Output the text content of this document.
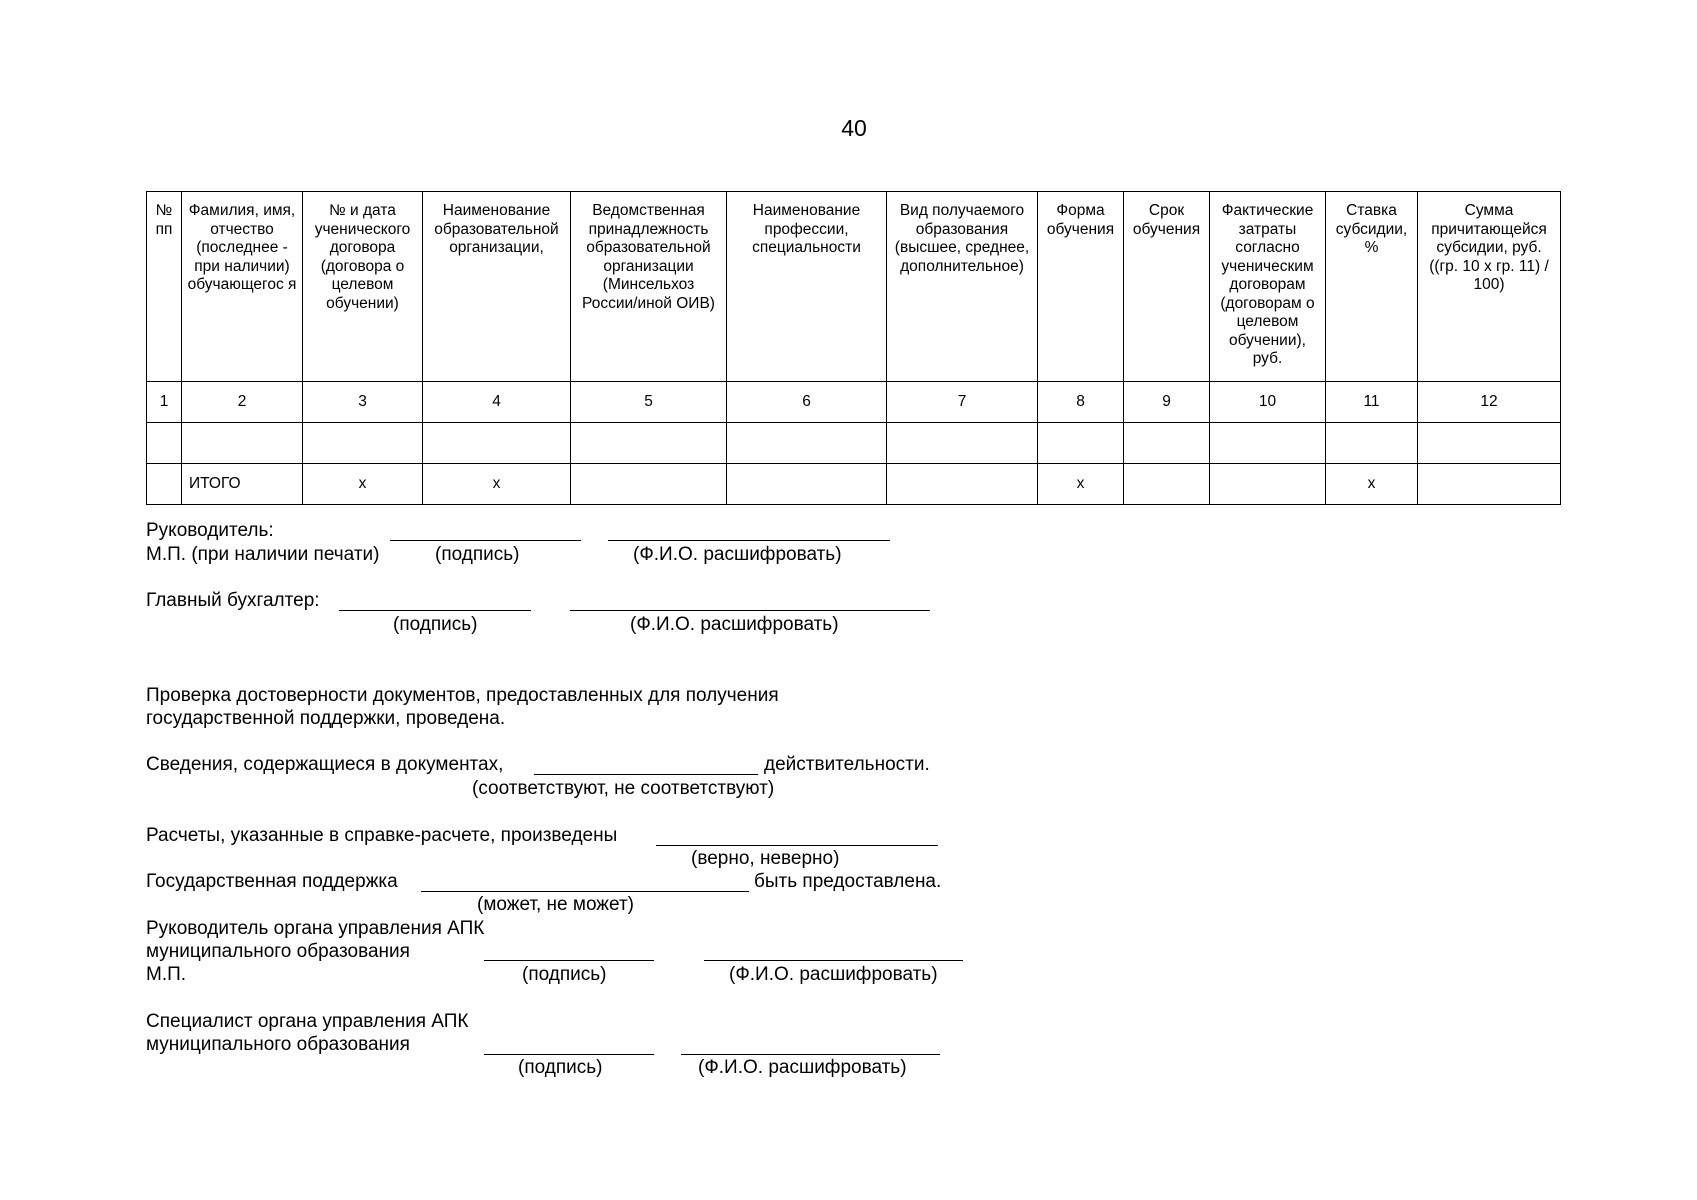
40
№ пп	Фамилия, имя, отчество (последнее - при наличии) обучающегос я	№ и дата ученического договора (договора о целевом обучении)	Наименование образовательной организации,	Ведомственная принадлежность образовательной организации (Минсельхоз России/иной ОИВ)	Наименование профессии, специальности	Вид получаемого образования (высшее, среднее, дополнительное)	Форма обучения	Срок обучения	Фактические затраты согласно ученическим договорам (договорам о целевом обучении), руб.	Ставка субсидии, %	Сумма причитающейся субсидии, руб. ((гр. 10 x гр. 11) / 100)
1	2	3	4	5	6	7	8	9	10	11	12

	ИТОГО	x	x				x			x	
Руководитель:
М.П. (при наличии печати)	(подпись)	(Ф.И.О. расшифровать)
Главный бухгалтер:
(подпись)	(Ф.И.О. расшифровать)
Проверка достоверности документов, предоставленных для получения
государственной поддержки, проведена.
Сведения, содержащиеся в документах,	действительности.
(соответствуют, не соответствуют)
Расчеты, указанные в справке-расчете, произведены
(верно, неверно)
Государственная поддержка	быть предоставлена.
(может, не может)
Руководитель органа управления АПК
муниципального образования
М.П.	(подпись)	(Ф.И.О. расшифровать)
Специалист органа управления АПК
муниципального образования
(подпись)	(Ф.И.О. расшифровать)
